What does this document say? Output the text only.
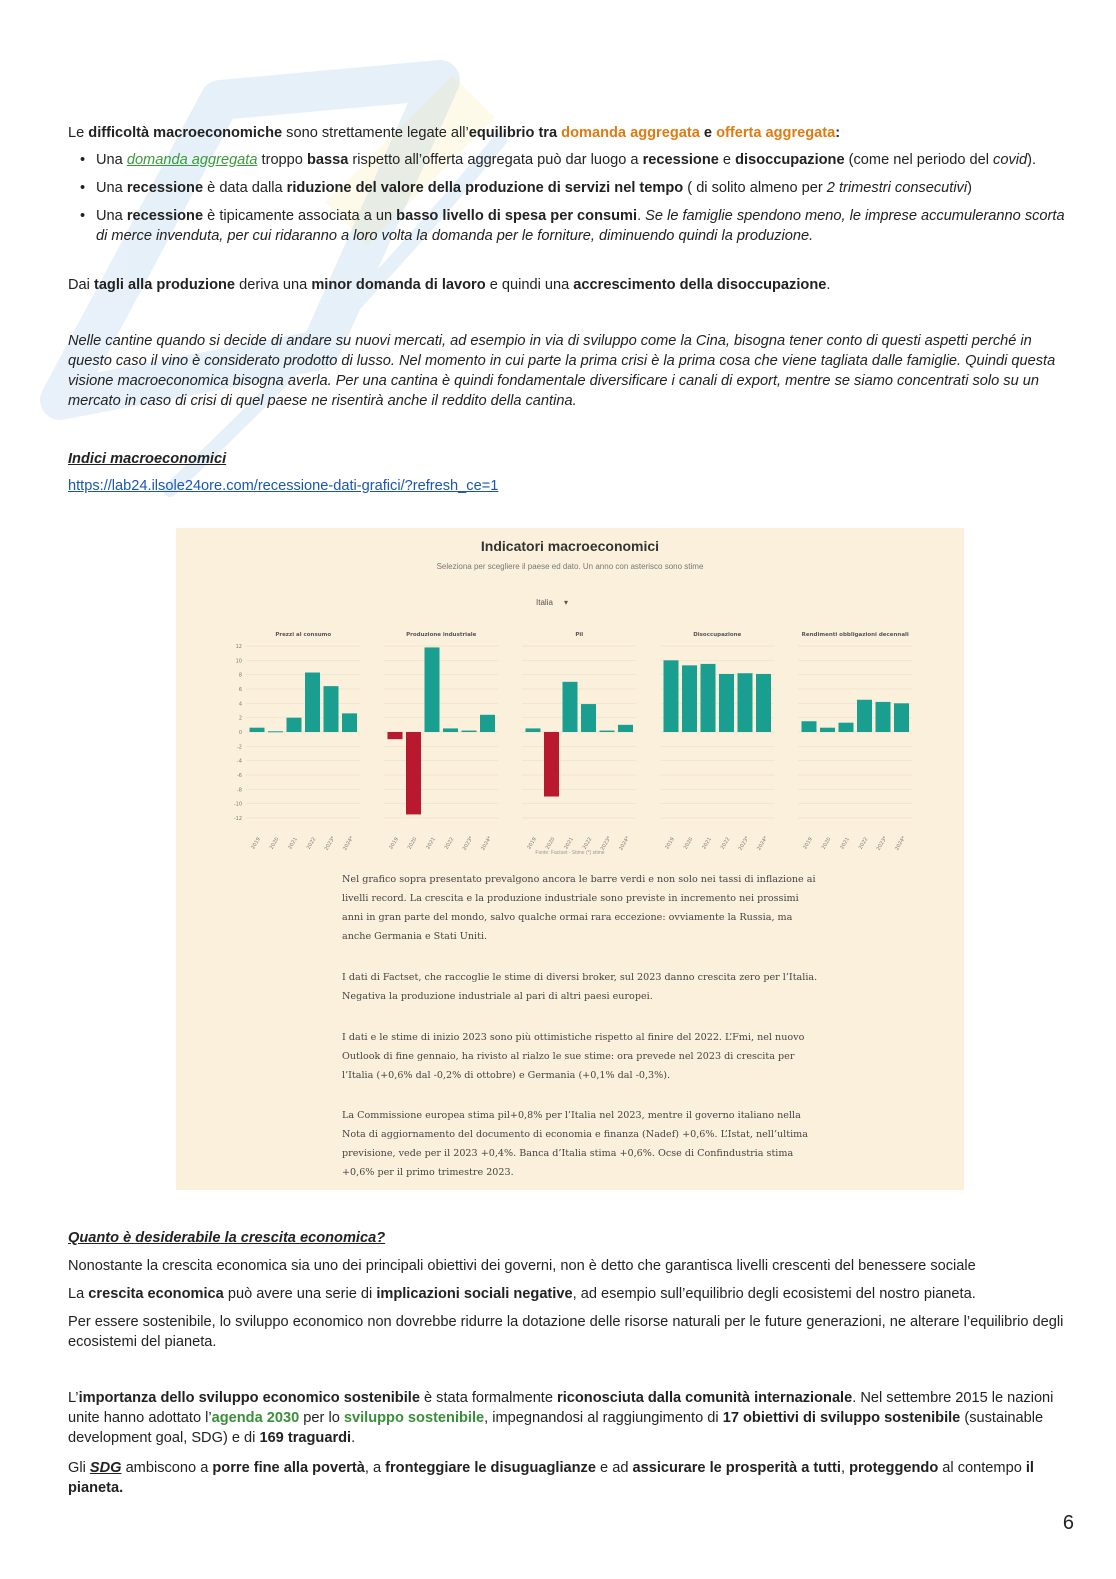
Le difficoltà macroeconomiche sono strettamente legate all’equilibrio tra domanda aggregata e offerta aggregata:

• Una domanda aggregata troppo bassa rispetto all’offerta aggregata può dar luogo a recessione e disoccupazione (come nel periodo del covid).
• Una recessione è data dalla riduzione del valore della produzione di servizi nel tempo ( di solito almeno per 2 trimestri consecutivi)
• Una recessione è tipicamente associata a un basso livello di spesa per consumi. Se le famiglie spendono meno, le imprese accumuleranno scorta di merce invenduta, per cui ridaranno a loro volta la domanda per le forniture, diminuendo quindi la produzione.

Dai tagli alla produzione deriva una minor domanda di lavoro e quindi una accrescimento della disoccupazione.

Nelle cantine quando si decide di andare su nuovi mercati, ad esempio in via di sviluppo come la Cina, bisogna tener conto di questi aspetti perché in questo caso il vino è considerato prodotto di lusso. Nel momento in cui parte la prima crisi è la prima cosa che viene tagliata dalle famiglie. Quindi questa visione macroeconomica bisogna averla. Per una cantina è quindi fondamentale diversificare i canali di export, mentre se siamo concentrati solo su un mercato in caso di crisi di quel paese ne risentirà anche il reddito della cantina.

Indici macroeconomici

https://lab24.ilsole24ore.com/recessione-dati-grafici/?refresh_ce=1
Indicatori macroeconomici
Seleziona per scegliere il paese ed dato. Un anno con asterisco sono stime
Italia     ▾
12
10
8
6
4
2
0
-2
-4
-6
-8
-10
-12
Prezzi al consumo
2019 2020 2021 2022 2023* 2024*
Produzione industriale
2019 2020 2021 2022 2023* 2024*
Pil
2019 2020 2021 2022 2023* 2024*
Disoccupazione
2019 2020 2021 2022 2023* 2024*
Rendimenti obbligazioni decennali
2019 2020 2021 2022 2023* 2024*
Fonte: Factset - Stime (*) stime
Nel grafico sopra presentato prevalgono ancora le barre verdi e non solo nei tassi di inflazione ai livelli record. La crescita e la produzione industriale sono previste in incremento nei prossimi anni in gran parte del mondo, salvo qualche ormai rara eccezione: ovviamente la Russia, ma anche Germania e Stati Uniti.
I dati di Factset, che raccoglie le stime di diversi broker, sul 2023 danno crescita zero per l’Italia. Negativa la produzione industriale al pari di altri paesi europei.
I dati e le stime di inizio 2023 sono più ottimistiche rispetto al finire del 2022. L’Fmi, nel nuovo Outlook di fine gennaio, ha rivisto al rialzo le sue stime: ora prevede nel 2023 di crescita per l’Italia (+0,6% dal -0,2% di ottobre) e Germania (+0,1% dal -0,3%).
La Commissione europea stima pil+0,8% per l’Italia nel 2023, mentre il governo italiano nella Nota di aggiornamento del documento di economia e finanza (Nadef) +0,6%. L’Istat, nell’ultima previsione, vede per il 2023 +0,4%. Banca d’Italia stima +0,6%. Ocse di Confindustria stima +0,6% per il primo trimestre 2023.

Quanto è desiderabile la crescita economica?

Nonostante la crescita economica sia uno dei principali obiettivi dei governi, non è detto che garantisca livelli crescenti del benessere sociale

La crescita economica può avere una serie di implicazioni sociali negative, ad esempio sull’equilibrio degli ecosistemi del nostro pianeta.

Per essere sostenibile, lo sviluppo economico non dovrebbe ridurre la dotazione delle risorse naturali per le future generazioni, ne alterare l’equilibrio degli ecosistemi del pianeta.

L’importanza dello sviluppo economico sostenibile è stata formalmente riconosciuta dalla comunità internazionale. Nel settembre 2015 le nazioni unite hanno adottato l’agenda 2030 per lo sviluppo sostenibile, impegnandosi al raggiungimento di 17 obiettivi di sviluppo sostenibile (sustainable development goal, SDG) e di 169 traguardi.

Gli SDG ambiscono a porre fine alla povertà, a fronteggiare le disuguaglianze e ad assicurare le prosperità a tutti, proteggendo al contempo il pianeta.

6
